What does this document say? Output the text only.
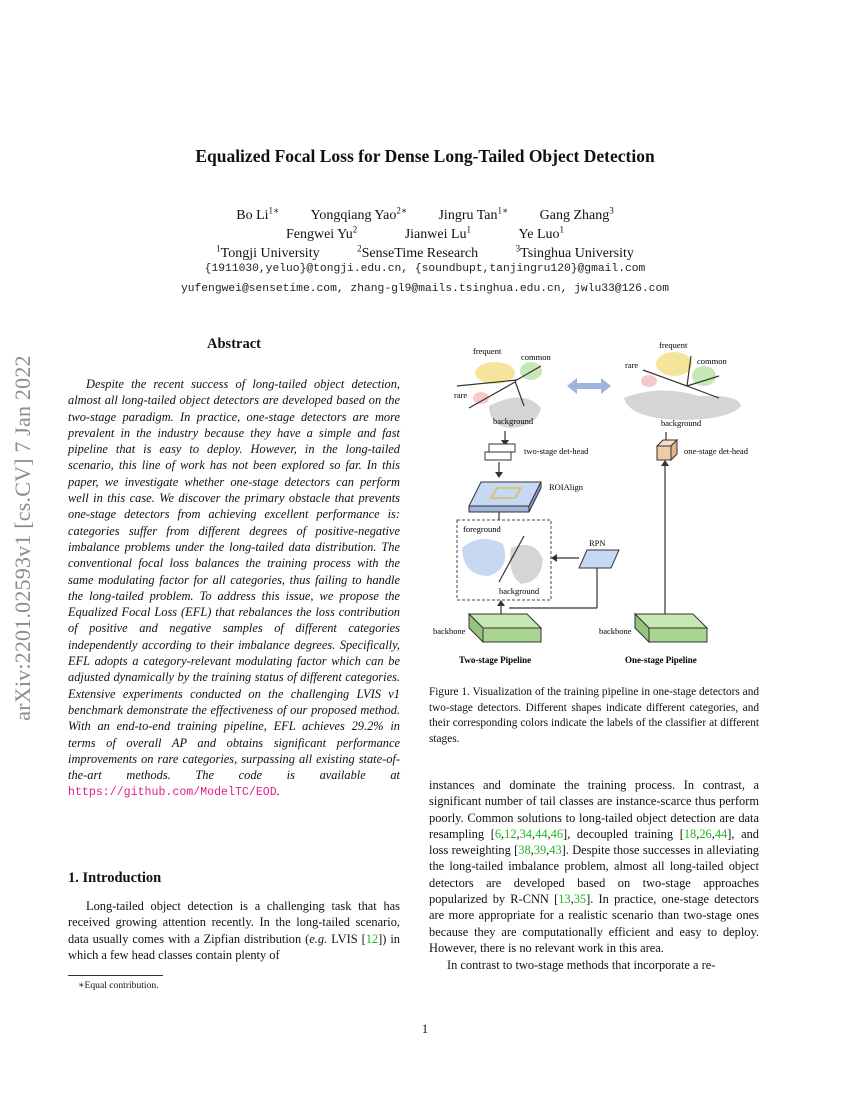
arXiv:2201.02593v1 [cs.CV] 7 Jan 2022
Equalized Focal Loss for Dense Long-Tailed Object Detection
Bo $Li^{1∗}$ Yongqiang Yao$^{2∗}$ Jingru Tan$^{1∗}$ Gang Zhang$^3$
Fengwei Yu$^2$	Jianwei Lu$^1$	Ye Luo$^1$
$^1$Tongji University	$^2$SenseTime Research	$^3$Tsinghua University
{1911030,yeluo}@tongji.edu.cn, {soundbupt,tanjingru120}@gmail.com
yufengwei@sensetime.com, zhang-gl9@mails.tsinghua.edu.cn, jwlu33@126.com
Abstract
Despite the recent success of long-tailed object detection, almost all long-tailed object detectors are developed based on the two-stage paradigm. In practice, one-stage detectors are more prevalent in the industry because they have a simple and fast pipeline that is easy to deploy. However, in the long-tailed scenario, this line of work has not been explored so far. In this paper, we investigate whether one-stage detectors can perform well in this case. We discover the primary obstacle that prevents one-stage detectors from achieving excellent performance is: categories suffer from different degrees of positive-negative imbalance problems under the long-tailed data distribution. The conventional focal loss balances the training process with the same modulating factor for all categories, thus failing to handle the long-tailed problem. To address this issue, we propose the Equalized Focal Loss (EFL) that rebalances the loss contribution of positive and negative samples of different categories independently according to their imbalance degrees. Specifically, EFL adopts a category-relevant modulating factor which can be adjusted dynamically by the training status of different categories. Extensive experiments conducted on the challenging LVIS v1 benchmark demonstrate the effectiveness of our proposed method. With an end-to-end training pipeline, EFL achieves 29.2% in terms of overall AP and obtains significant performance improvements on rare categories, surpassing all existing state-of-the-art methods. The code is available at https://github.com/ModelTC/EOD.
1. Introduction
Long-tailed object detection is a challenging task that has received growing attention recently. In the long-tailed scenario, data usually comes with a Zipfian distribution (e.g. LVIS [12]) in which a few head classes contain plenty of
∗Equal contribution.
frequent
common
rare
background
frequent
common
rare
background
two-stage det-head
ROIAlign
foreground
background
RPN
backbone
Two-stage Pipeline
one-stage det-head
backbone
One-stage Pipeline
Figure 1. Visualization of the training pipeline in one-stage detectors and two-stage detectors. Different shapes indicate different categories, and their corresponding colors indicate the labels of the classifier at different stages.

instances and dominate the training process. In contrast, a significant number of tail classes are instance-scarce thus perform poorly. Common solutions to long-tailed object detection are data resampling [6,12,34,44,46], decoupled training [18,26,44], and loss reweighting [38,39,43]. Despite those successes in alleviating the long-tailed imbalance problem, almost all long-tailed object detectors are developed based on two-stage approaches popularized by R-CNN [13,35]. In practice, one-stage detectors are more appropriate for a realistic scenario than two-stage ones because they are computationally efficient and easy to deploy. However, there is no relevant work in this area.

In contrast to two-stage methods that incorporate a re-

1
